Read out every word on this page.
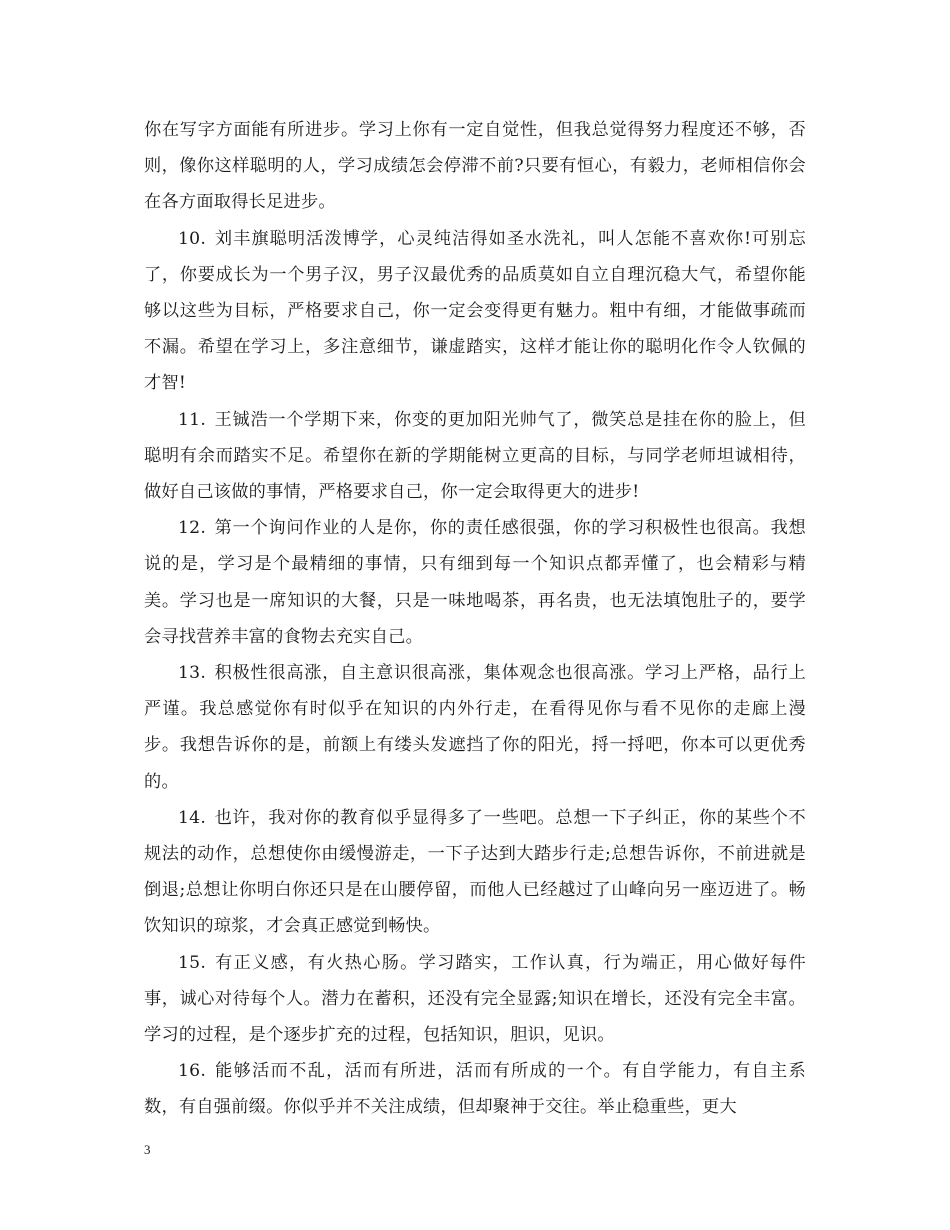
你在写字方面能有所进步。学习上你有一定自觉性，但我总觉得努力程度还不够，否则，像你这样聪明的人，学习成绩怎会停滞不前?只要有恒心，有毅力，老师相信你会在各方面取得长足进步。

10. 刘丰旗聪明活泼博学，心灵纯洁得如圣水洗礼，叫人怎能不喜欢你!可别忘了，你要成长为一个男子汉，男子汉最优秀的品质莫如自立自理沉稳大气，希望你能够以这些为目标，严格要求自己，你一定会变得更有魅力。粗中有细，才能做事疏而不漏。希望在学习上，多注意细节，谦虚踏实，这样才能让你的聪明化作令人钦佩的才智!

11. 王铖浩一个学期下来，你变的更加阳光帅气了，微笑总是挂在你的脸上，但聪明有余而踏实不足。希望你在新的学期能树立更高的目标，与同学老师坦诚相待，做好自己该做的事情，严格要求自己，你一定会取得更大的进步!

12. 第一个询问作业的人是你，你的责任感很强，你的学习积极性也很高。我想说的是，学习是个最精细的事情，只有细到每一个知识点都弄懂了，也会精彩与精美。学习也是一席知识的大餐，只是一味地喝茶，再名贵，也无法填饱肚子的，要学会寻找营养丰富的食物去充实自己。

13. 积极性很高涨，自主意识很高涨，集体观念也很高涨。学习上严格，品行上严谨。我总感觉你有时似乎在知识的内外行走，在看得见你与看不见你的走廊上漫步。我想告诉你的是，前额上有缕头发遮挡了你的阳光，捋一捋吧，你本可以更优秀的。

14. 也许，我对你的教育似乎显得多了一些吧。总想一下子纠正，你的某些个不规法的动作，总想使你由缓慢游走，一下子达到大踏步行走;总想告诉你，不前进就是倒退;总想让你明白你还只是在山腰停留，而他人已经越过了山峰向另一座迈进了。畅饮知识的琼浆，才会真正感觉到畅快。

15. 有正义感，有火热心肠。学习踏实，工作认真，行为端正，用心做好每件事，诚心对待每个人。潜力在蓄积，还没有完全显露;知识在增长，还没有完全丰富。学习的过程，是个逐步扩充的过程，包括知识，胆识，见识。

16. 能够活而不乱，活而有所进，活而有所成的一个。有自学能力，有自主系数，有自强前缀。你似乎并不关注成绩，但却聚神于交往。举止稳重些，更大

3
